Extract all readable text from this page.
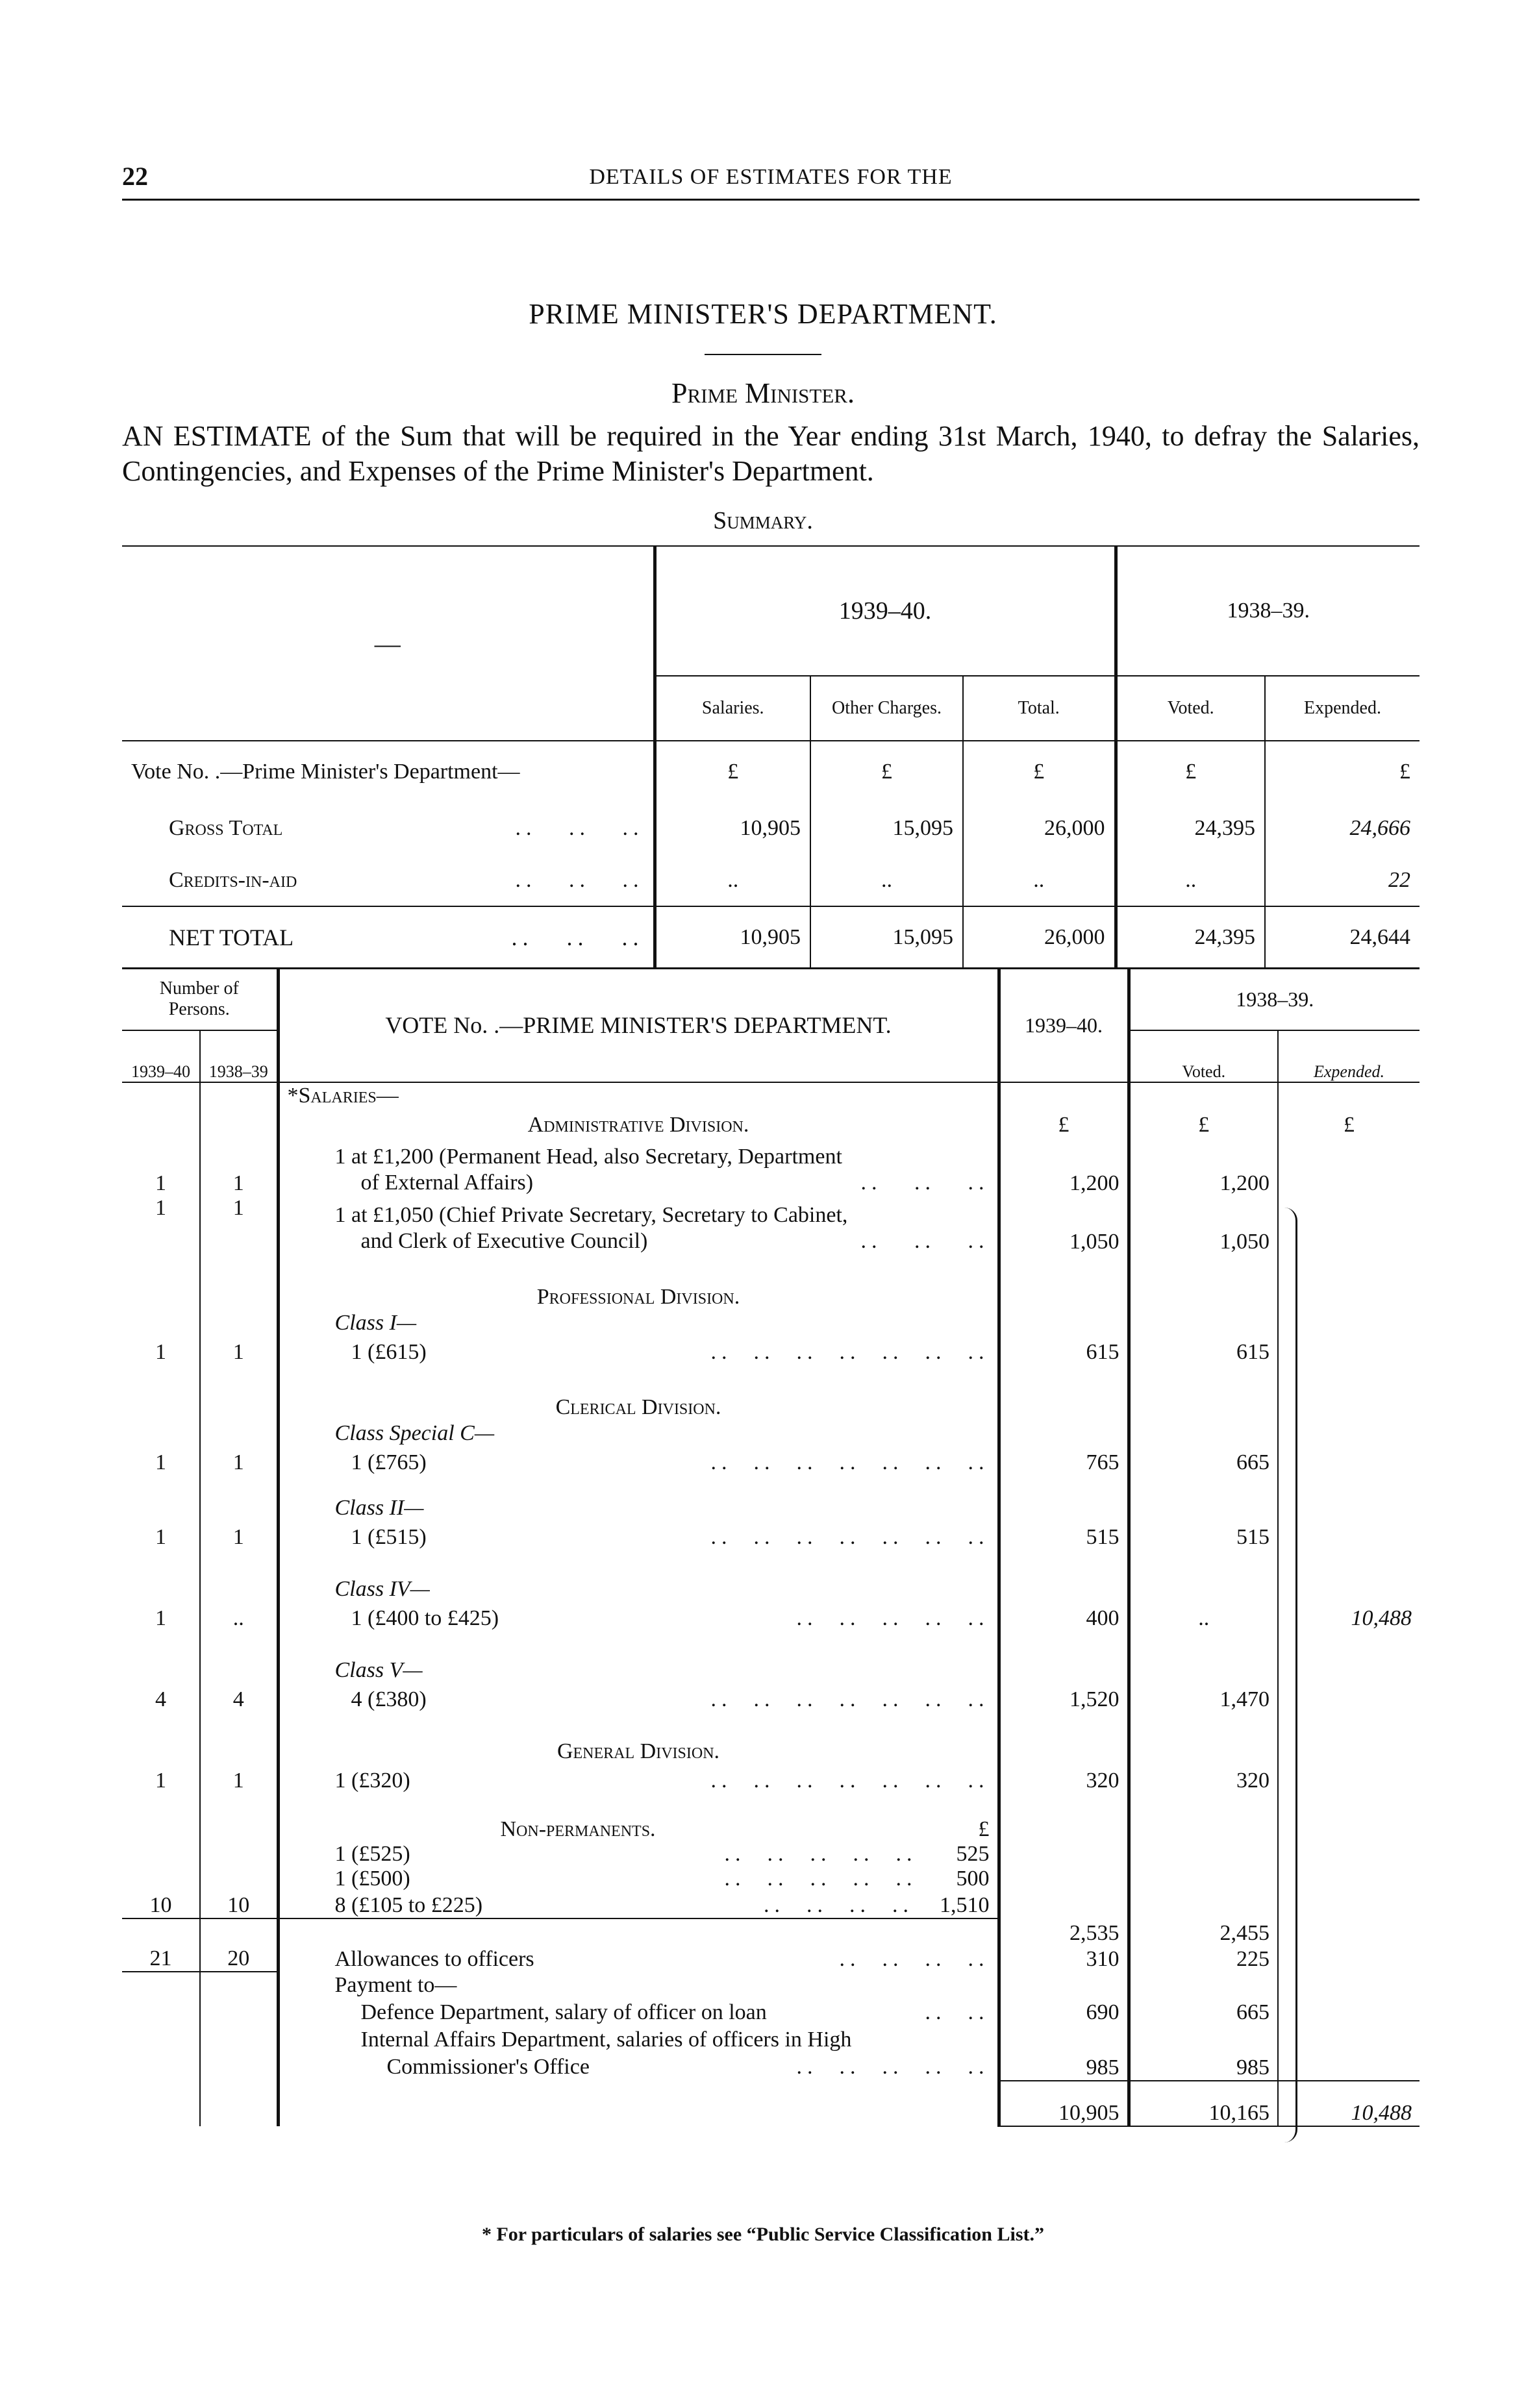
22	DETAILS OF ESTIMATES FOR THE
PRIME MINISTER'S DEPARTMENT.
Prime Minister.
AN ESTIMATE of the Sum that will be required in the Year ending 31st March, 1940, to defray the Salaries, Contingencies, and Expenses of the Prime Minister's Department.
Summary.
—	1939–40.			1938–39.	
	Salaries.	Other Charges.	Total.	Voted.	Expended.
Vote No. .—Prime Minister's Department—	£	£	£	£	£
Gross Total ..   ..   ..	10,905	15,095	26,000	24,395	24,666
Credits-in-aid ..   ..   ..	..	..	..	..	22
NET TOTAL ..   ..   ..	10,905	15,095	26,000	24,395	24,644
Number of Persons.		VOTE No. .—PRIME MINISTER'S DEPARTMENT.	1939–40.	1938–39.	
1939–40	1938–39			Voted.	Expended.
		*Salaries—			
		Administrative Division.	£	£	£
1	1	1 at £1,200 (Permanent Head, also Secretary, Department
of External Affairs) ..   ..   ..	1,200	1,200	
1	1	1 at £1,050 (Chief Private Secretary, Secretary to Cabinet,
and Clerk of Executive Council) ..   ..   ..	1,050	1,050	
		Professional Division.			
		Class I—			
1	1	1 (£615) ..  ..  ..  ..  ..  ..  ..	615	615	
		Clerical Division.			
		Class Special C—			
1	1	1 (£765) ..  ..  ..  ..  ..  ..  ..	765	665	
		Class II—			
1	1	1 (£515) ..  ..  ..  ..  ..  ..  ..	515	515	
		Class IV—			
1	..	1 (£400 to £425) ..  ..  ..  ..  ..	400	..	10,488
		Class V—			
4	4	4 (£380) ..  ..  ..  ..  ..  ..  ..	1,520	1,470	
		General Division.			
1	1	1 (£320) ..  ..  ..  ..  ..  ..  ..	320	320	
		Non-permanents. £			

		1 (£525) 525
..  ..  ..  ..  ..			

		1 (£500) 500
..  ..  ..  ..  ..			

10	10	8 (£105 to £225) 1,510
..  ..  ..  ..			

			2,535	2,455	
21	20	Allowances to officers ..  ..  ..  ..	310	225	
		Payment to—			
		Defence Department, salary of officer on loan ..  ..	690	665	

		Internal Affairs Department, salaries of officers in High
Commissioner's Office ..  ..  ..  ..  ..	985	985	
			10,905	10,165	10,488
* For particulars of salaries see “Public Service Classification List.”
